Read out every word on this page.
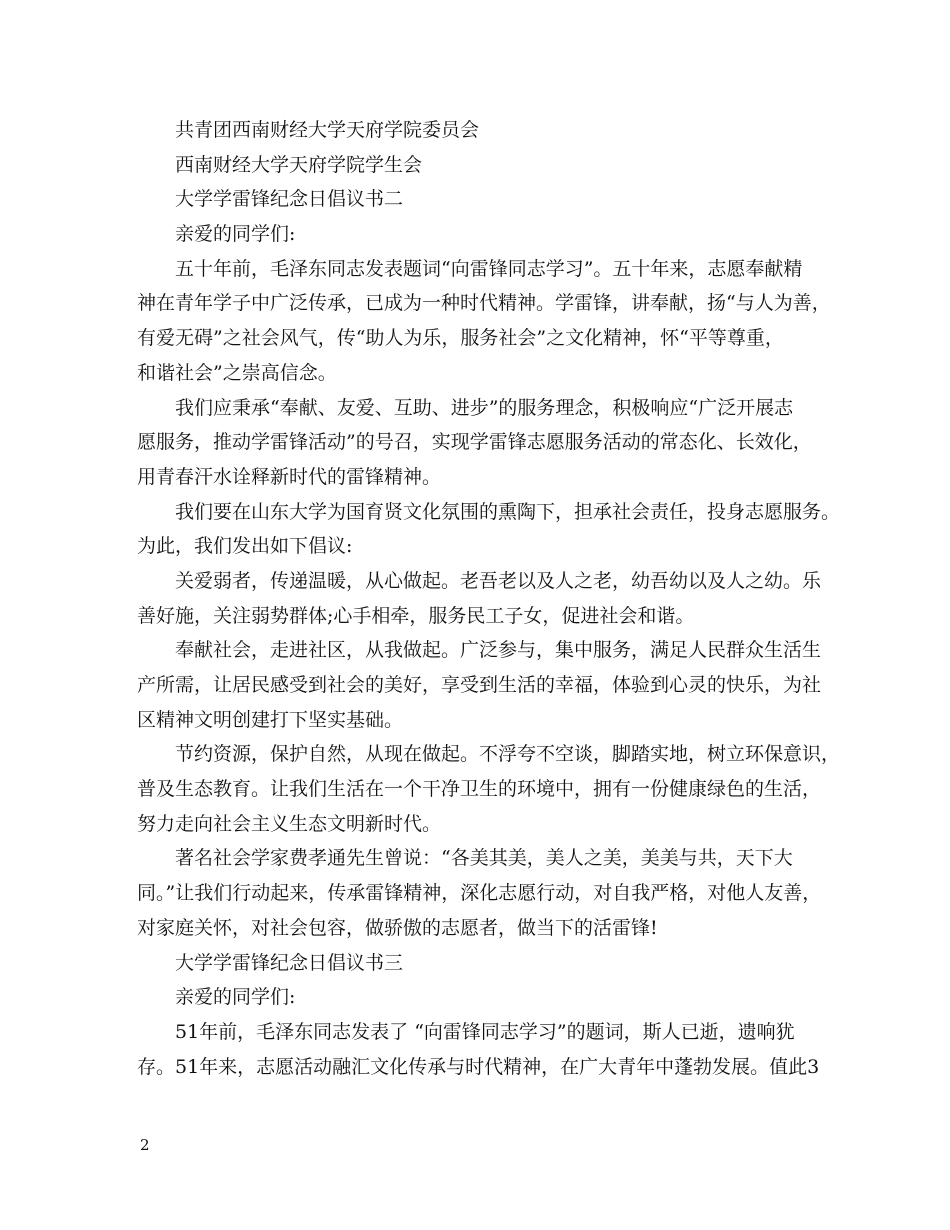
共青团西南财经大学天府学院委员会
西南财经大学天府学院学生会
大学学雷锋纪念日倡议书二
亲爱的同学们:
五十年前，毛泽东同志发表题词“向雷锋同志学习”。五十年来，志愿奉献精
神在青年学子中广泛传承，已成为一种时代精神。学雷锋，讲奉献，扬“与人为善，
有爱无碍”之社会风气，传“助人为乐，服务社会”之文化精神，怀“平等尊重，
和谐社会”之崇高信念。
我们应秉承“奉献、友爱、互助、进步”的服务理念，积极响应“广泛开展志
愿服务，推动学雷锋活动”的号召，实现学雷锋志愿服务活动的常态化、长效化，
用青春汗水诠释新时代的雷锋精神。
我们要在山东大学为国育贤文化氛围的熏陶下，担承社会责任，投身志愿服务。
为此，我们发出如下倡议:
关爱弱者，传递温暖，从心做起。老吾老以及人之老，幼吾幼以及人之幼。乐
善好施，关注弱势群体;心手相牵，服务民工子女，促进社会和谐。
奉献社会，走进社区，从我做起。广泛参与，集中服务，满足人民群众生活生
产所需，让居民感受到社会的美好，享受到生活的幸福，体验到心灵的快乐，为社
区精神文明创建打下坚实基础。
节约资源，保护自然，从现在做起。不浮夸不空谈，脚踏实地，树立环保意识，
普及生态教育。让我们生活在一个干净卫生的环境中，拥有一份健康绿色的生活，
努力走向社会主义生态文明新时代。
著名社会学家费孝通先生曾说：“各美其美，美人之美，美美与共，天下大
同。”让我们行动起来，传承雷锋精神，深化志愿行动，对自我严格，对他人友善，
对家庭关怀，对社会包容，做骄傲的志愿者，做当下的活雷锋!
大学学雷锋纪念日倡议书三
亲爱的同学们:
51年前，毛泽东同志发表了 “向雷锋同志学习”的题词，斯人已逝，遗响犹
存。51年来，志愿活动融汇文化传承与时代精神，在广大青年中蓬勃发展。值此3
2
